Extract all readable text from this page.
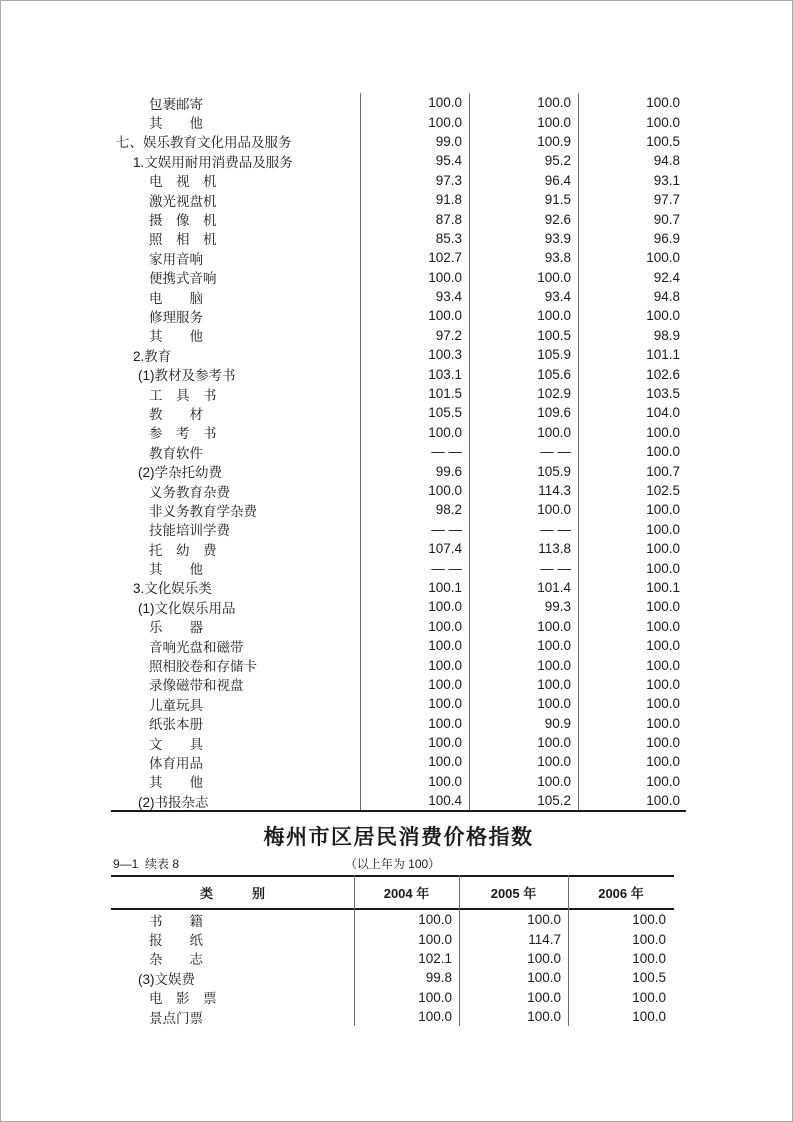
包裹邮寄	100.0	100.0	100.0
其　　他	100.0	100.0	100.0
七、娱乐教育文化用品及服务	99.0	100.9	100.5
1.文娱用耐用消费品及服务	95.4	95.2	94.8
电　视　机	97.3	96.4	93.1
激光视盘机	91.8	91.5	97.7
摄　像　机	87.8	92.6	90.7
照　相　机	85.3	93.9	96.9
家用音响	102.7	93.8	100.0
便携式音响	100.0	100.0	92.4
电　　脑	93.4	93.4	94.8
修理服务	100.0	100.0	100.0
其　　他	97.2	100.5	98.9
2.教育	100.3	105.9	101.1
(1)教材及参考书	103.1	105.6	102.6
工　具　书	101.5	102.9	103.5
教　　材	105.5	109.6	104.0
参　考　书	100.0	100.0	100.0
教育软件	— —	— —	100.0
(2)学杂托幼费	99.6	105.9	100.7
义务教育杂费	100.0	114.3	102.5
非义务教育学杂费	98.2	100.0	100.0
技能培训学费	— —	— —	100.0
托　幼　费	107.4	113.8	100.0
其　　他	— —	— —	100.0
3.文化娱乐类	100.1	101.4	100.1
(1)文化娱乐用品	100.0	99.3	100.0
乐　　器	100.0	100.0	100.0
音响光盘和磁带	100.0	100.0	100.0
照相胶卷和存储卡	100.0	100.0	100.0
录像磁带和视盘	100.0	100.0	100.0
儿童玩具	100.0	100.0	100.0
纸张本册	100.0	90.9	100.0
文　　具	100.0	100.0	100.0
体育用品	100.0	100.0	100.0
其　　他	100.0	100.0	100.0
(2)书报杂志	100.4	105.2	100.0
梅州市区居民消费价格指数
9—1  续表 8	（以上年为 100）
类　　　别	2004 年	2005 年	2006 年
书　　籍	100.0	100.0	100.0
报　　纸	100.0	114.7	100.0
杂　　志	102.1	100.0	100.0
(3)文娱费	99.8	100.0	100.5
电　影　票	100.0	100.0	100.0
景点门票	100.0	100.0	100.0
